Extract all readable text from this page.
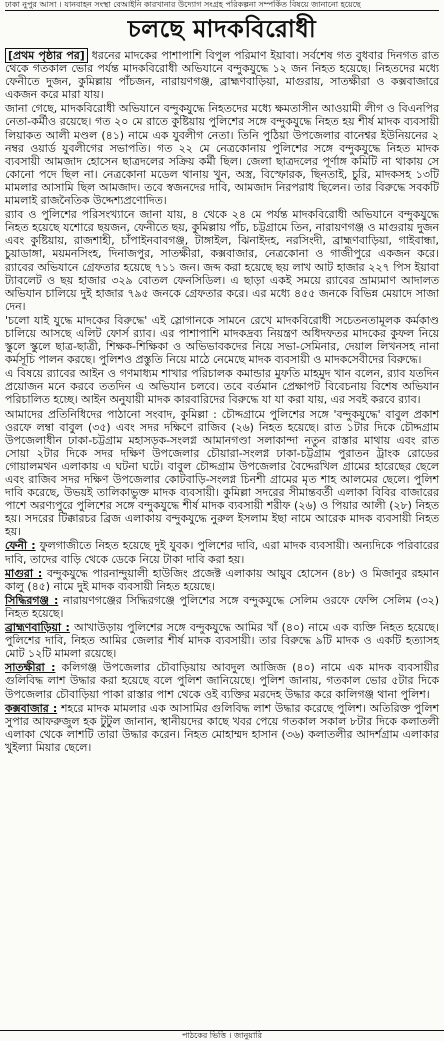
ঢাকা নুপুর আসা । যানবাহন সংস্থা বেআইনি কারখানার উদ্যোগ সংগ্রহ পরিকল্পনা সম্পর্কিত বিষয়ে জানানো হয়েছে
চলছে মাদকবিরোধী

[প্রথম পৃষ্ঠার পর] ধরনের মাদকের পাশাপাশি বিপুল পরিমাণ ইয়াবা। সর্বশেষ গত বুধবার দিনগত রাত থেকে গতকাল ভোর পর্যন্ত মাদকবিরোধী অভিযানে বন্দুকযুদ্ধে ১২ জন নিহত হয়েছে। নিহতদের মধ্যে ফেনীতে দুজন, কুমিল্লায় পাঁচজন, নারায়ণগঞ্জ, ব্রাহ্মণবাড়িয়া, মাগুরায়, সাতক্ষীরা ও কক্সবাজারে একজন করে মারা যায়।

জানা গেছে, মাদকবিরোধী অভিযানে বন্দুকযুদ্ধে নিহতদের মধ্যে ক্ষমতাসীন আওয়ামী লীগ ও বিএনপির নেতা-কর্মীও রয়েছে। গত ২০ মে রাতে কুষ্টিয়ায় পুলিশের সঙ্গে বন্দুকযুদ্ধে নিহত হয় শীর্ষ মাদক ব্যবসায়ী লিয়াকত আলী মণ্ডল (৪১) নামে এক যুবলীগ নেতা। তিনি পুঠিয়া উপজেলার বানেশ্বর ইউনিয়নের ২ নম্বর ওয়ার্ড যুবলীগের সভাপতি। গত ২২ মে নেত্রকোনায় পুলিশের সঙ্গে বন্দুকযুদ্ধে নিহত মাদক ব্যবসায়ী আমজাদ হোসেন ছাত্রদলের সক্রিয় কর্মী ছিল। জেলা ছাত্রদলের পূর্ণাঙ্গ কমিটি না থাকায় সে কোনো পদে ছিল না। নেত্রকোনা মডেল থানায় খুন, অস্ত্র, বিস্ফোরক, ছিনতাই, চুরি, মাদকসহ ১৩টি মামলার আসামি ছিল আমজাদ। তবে স্বজনদের দাবি, আমজাদ নিরপরাধ ছিলেন। তার বিরুদ্ধে সবকটি মামলাই রাজনৈতিক উদ্দেশ্যপ্রণোদিত।

র‍্যাব ও পুলিশের পরিসংখ্যানে জানা যায়, ৪ থেকে ২৪ মে পর্যন্ত মাদকবিরোধী অভিযানে বন্দুকযুদ্ধে নিহত হয়েছে যশোরে ছয়জন, ফেনীতে ছয়, কুমিল্লায় পাঁচ, চট্টগ্রামে তিন, নারায়ণগঞ্জ ও মাগুরায় দুজন এবং কুষ্টিয়ায়, রাজশাহী, চাঁপাইনবাবগঞ্জ, টাঙ্গাইল, ঝিনাইদহ, নরসিংদী, ব্রাহ্মণবাড়িয়া, গাইবান্ধা, চুয়াডাঙ্গা, ময়মনসিংহ, দিনাজপুর, সাতক্ষীরা, কক্সবাজার, নেত্রকোনা ও গাজীপুরে একজন করে। র‍্যাবের অভিযানে গ্রেফতার হয়েছে ৭১১ জন। জব্দ করা হয়েছে ছয় লাখ আট হাজার ২২৭ পিস ইয়াবা ট্যাবলেট ও ছয় হাজার ৩২৯ বোতল ফেনসিডিল। এ ছাড়া একই সময়ে র‍্যাবের ভ্রাম্যমাণ আদালত অভিযান চালিয়ে দুই হাজার ৭৯৫ জনকে গ্রেফতার করে। এর মধ্যে ৪৫৫ জনকে বিভিন্ন মেয়াদে সাজা দেন।

'চলো যাই যুদ্ধে মাদকের বিরুদ্ধে' এই স্লোগানকে সামনে রেখে মাদকবিরোধী সচেতনতামূলক কর্মকাণ্ড চালিয়ে আসছে এলিট ফোর্স র‍্যাব। এর পাশাপাশি মাদকদ্রব্য নিয়ন্ত্রণ অধিদফতর মাদকের কুফল নিয়ে স্কুলে স্কুলে ছাত্র-ছাত্রী, শিক্ষক-শিক্ষিকা ও অভিভাবকদের নিয়ে সভা-সেমিনার, দেয়াল লিখনসহ নানা কর্মসূচি পালন করছে। পুলিশও প্রস্তুতি নিয়ে মাঠে নেমেছে মাদক ব্যবসায়ী ও মাদকসেবীদের বিরুদ্ধে।

এ বিষয়ে র‍্যাবের আইন ও গণমাধ্যম শাখার পরিচালক কমান্ডার মুফতি মাহমুদ খান বলেন, র‍্যাব যতদিন প্রয়োজন মনে করবে ততদিন এ অভিযান চলবে। তবে বর্তমান প্রেক্ষাপট বিবেচনায় বিশেষ অভিযান পরিচালিত হচ্ছে। আইন অনুযায়ী মাদক কারবারিদের বিরুদ্ধে যা যা করা যায়, এর সবই করবে র‍্যাব।

আমাদের প্রতিনিধিদের পাঠানো সংবাদ, কুমিল্লা : চৌদ্দগ্রামে পুলিশের সঙ্গে 'বন্দুকযুদ্ধে' বাবুল প্রকাশ ওরফে লম্বা বাবুল (৩৫) এবং সদর দক্ষিণে রাজিব (২৬) নিহত হয়েছে। রাত ১টার দিকে চৌদ্দগ্রাম উপজেলাধীন ঢাকা-চট্টগ্রাম মহাসড়ক-সংলগ্ন আমানগণ্ডা সলাকান্দা নতুন রাস্তার মাথায় এবং রাত সোয়া ২টার দিকে সদর দক্ষিণ উপজেলার চৌয়ারা-সংলগ্ন ঢাকা-চট্টগ্রাম পুরাতন ট্রাংক রোডের গোয়ালমথন এলাকায় এ ঘটনা ঘটে। বাবুল চৌদ্দগ্রাম উপজেলার বৈদ্দেরখিল গ্রামের হারেছের ছেলে এবং রাজিব সদর দক্ষিণ উপজেলার কোটবাড়ি-সংলগ্ন চিনশী গ্রামের মৃত শাহ আলমের ছেলে। পুলিশ দাবি করেছে, উভয়ই তালিকাভুক্ত মাদক ব্যবসায়ী। কুমিল্লা সদরের সীমান্তবর্তী এলাকা বিবির বাজারের পাশে অরণ্যপুরে পুলিশের সঙ্গে বন্দুকযুদ্ধে শীর্ষ মাদক ব্যবসায়ী শরীফ (২৬) ও পিয়ার আলী (২৮) নিহত হয়। সদরের টিক্কারচর ব্রিজ এলাকায় বন্দুকযুদ্ধে নুরুল ইসলাম ইছা নামে আরেক মাদক ব্যবসায়ী নিহত হয়।

ফেনী : ফুলগাজীতে নিহত হয়েছে দুই যুবক। পুলিশের দাবি, এরা মাদক ব্যবসায়ী। অন্যদিকে পরিবারের দাবি, তাদের বাড়ি থেকে ডেকে নিয়ে টাকা দাবি করা হয়।

মাগুরা : বন্দুকযুদ্ধে পারনান্দুয়ালী হাউজিং প্রজেক্ট এলাকায় আয়ুব হোসেন (৪৮) ও মিজানুর রহমান কালু (৪৫) নামে দুই মাদক ব্যবসায়ী নিহত হয়েছে।

সিদ্ধিরগঞ্জ : নারায়ণগঞ্জের সিদ্ধিরগঞ্জে পুলিশের সঙ্গে বন্দুকযুদ্ধে সেলিম ওরফে ফেন্সি সেলিম (৩২) নিহত হয়েছে।

ব্রাহ্মণবাড়িয়া : আখাউড়ায় পুলিশের সঙ্গে বন্দুকযুদ্ধে আমির খাঁ (৪০) নামে এক ব্যক্তি নিহত হয়েছে। পুলিশের দাবি, নিহত আমির জেলার শীর্ষ মাদক ব্যবসায়ী। তার বিরুদ্ধে ৯টি মাদক ও একটি হত্যাসহ মোট ১২টি মামলা রয়েছে।

সাতক্ষীরা : কলিগঞ্জ উপজেলার চৌবাড়িয়ায় আবদুল আজিজ (৪০) নামে এক মাদক ব্যবসায়ীর গুলিবিদ্ধ লাশ উদ্ধার করা হয়েছে বলে পুলিশ জানিয়েছে। পুলিশ জানায়, গতকাল ভোর ৫টার দিকে উপজেলার চৌবাড়িয়া পাকা রাস্তার পাশ থেকে ওই ব্যক্তির মরদেহ উদ্ধার করে কালিগঞ্জ থানা পুলিশ।

কক্সবাজার : শহরে মাদক মামলার এক আসামির গুলিবিদ্ধ লাশ উদ্ধার করেছে পুলিশ। অতিরিক্ত পুলিশ সুপার আফরুজুল হক টুটুল জানান, স্থানীয়দের কাছে খবর পেয়ে গতকাল সকাল ৮টার দিকে কলাতলী এলাকা থেকে লাশটি তারা উদ্ধার করেন। নিহত মোহাম্মদ হাসান (৩৬) কলাতলীর আদর্শগ্রাম এলাকার খুইল্যা মিয়ার ছেলে।

পাঠকের ভিত্তি । জানুয়ারি
